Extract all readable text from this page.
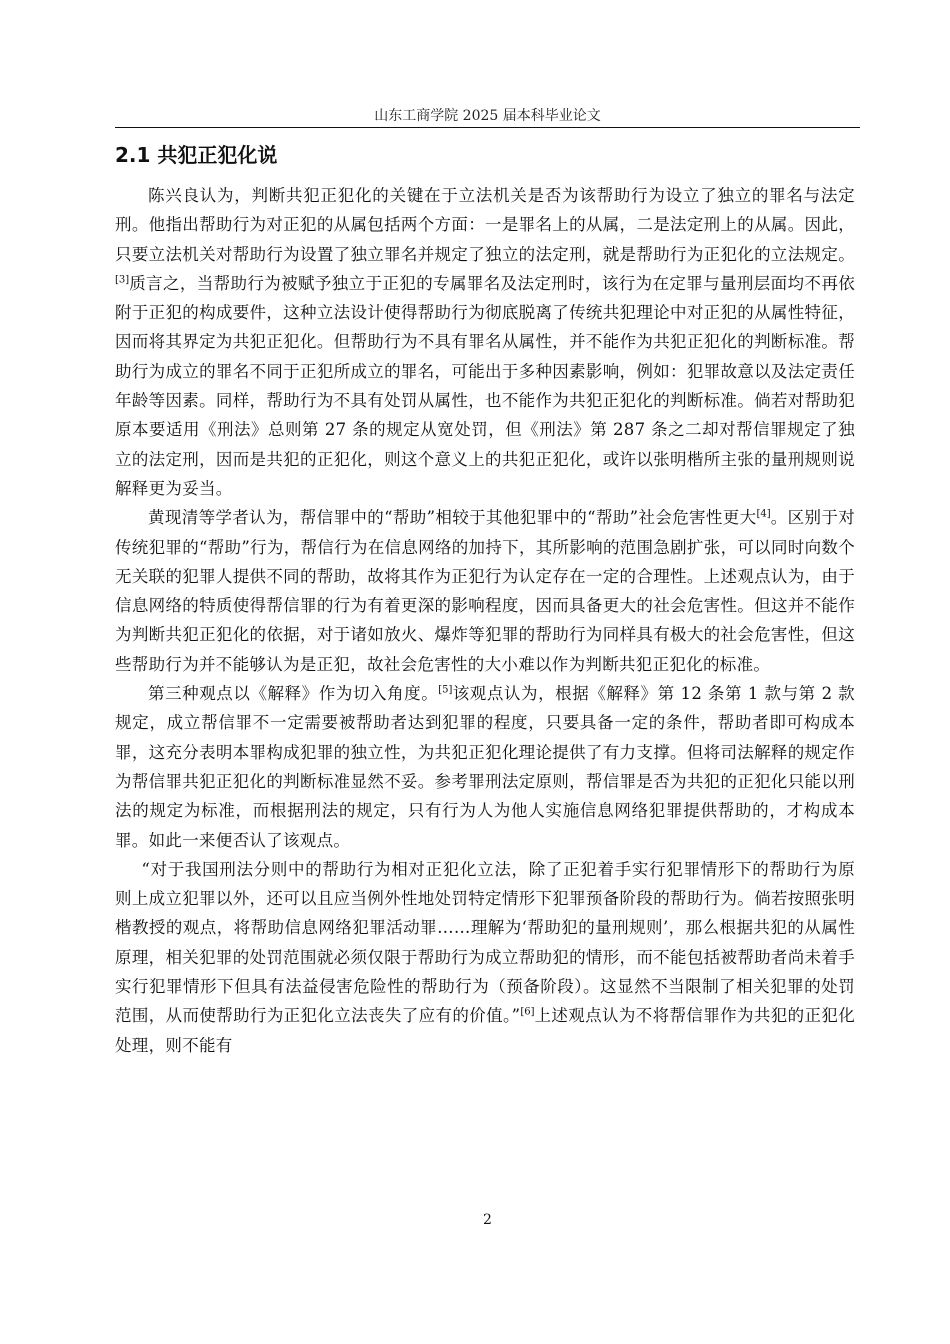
山东工商学院 2025 届本科毕业论文
2.1 共犯正犯化说

陈兴良认为，判断共犯正犯化的关键在于立法机关是否为该帮助行为设立了独立的罪名与法定刑。他指出帮助行为对正犯的从属包括两个方面：一是罪名上的从属，二是法定刑上的从属。因此，只要立法机关对帮助行为设置了独立罪名并规定了独立的法定刑，就是帮助行为正犯化的立法规定。[3]质言之，当帮助行为被赋予独立于正犯的专属罪名及法定刑时，该行为在定罪与量刑层面均不再依附于正犯的构成要件，这种立法设计使得帮助行为彻底脱离了传统共犯理论中对正犯的从属性特征，因而将其界定为共犯正犯化。但帮助行为不具有罪名从属性，并不能作为共犯正犯化的判断标准。帮助行为成立的罪名不同于正犯所成立的罪名，可能出于多种因素影响，例如：犯罪故意以及法定责任年龄等因素。同样，帮助行为不具有处罚从属性，也不能作为共犯正犯化的判断标准。倘若对帮助犯原本要适用《刑法》总则第 27 条的规定从宽处罚，但《刑法》第 287 条之二却对帮信罪规定了独立的法定刑，因而是共犯的正犯化，则这个意义上的共犯正犯化，或许以张明楷所主张的量刑规则说解释更为妥当。

黄现清等学者认为，帮信罪中的“帮助”相较于其他犯罪中的“帮助”社会危害性更大[4]。区别于对传统犯罪的“帮助”行为，帮信行为在信息网络的加持下，其所影响的范围急剧扩张，可以同时向数个无关联的犯罪人提供不同的帮助，故将其作为正犯行为认定存在一定的合理性。上述观点认为，由于信息网络的特质使得帮信罪的行为有着更深的影响程度，因而具备更大的社会危害性。但这并不能作为判断共犯正犯化的依据，对于诸如放火、爆炸等犯罪的帮助行为同样具有极大的社会危害性，但这些帮助行为并不能够认为是正犯，故社会危害性的大小难以作为判断共犯正犯化的标准。

第三种观点以《解释》作为切入角度。[5]该观点认为，根据《解释》第 12 条第 1 款与第 2 款规定，成立帮信罪不一定需要被帮助者达到犯罪的程度，只要具备一定的条件，帮助者即可构成本罪，这充分表明本罪构成犯罪的独立性，为共犯正犯化理论提供了有力支撑。但将司法解释的规定作为帮信罪共犯正犯化的判断标准显然不妥。参考罪刑法定原则，帮信罪是否为共犯的正犯化只能以刑法的规定为标准，而根据刑法的规定，只有行为人为他人实施信息网络犯罪提供帮助的，才构成本罪。如此一来便否认了该观点。

“对于我国刑法分则中的帮助行为相对正犯化立法，除了正犯着手实行犯罪情形下的帮助行为原则上成立犯罪以外，还可以且应当例外性地处罚特定情形下犯罪预备阶段的帮助行为。倘若按照张明楷教授的观点，将帮助信息网络犯罪活动罪……理解为‘帮助犯的量刑规则’，那么根据共犯的从属性原理，相关犯罪的处罚范围就必须仅限于帮助行为成立帮助犯的情形，而不能包括被帮助者尚未着手实行犯罪情形下但具有法益侵害危险性的帮助行为（预备阶段）。这显然不当限制了相关犯罪的处罚范围，从而使帮助行为正犯化立法丧失了应有的价值。”[6]上述观点认为不将帮信罪作为共犯的正犯化处理，则不能有

2
